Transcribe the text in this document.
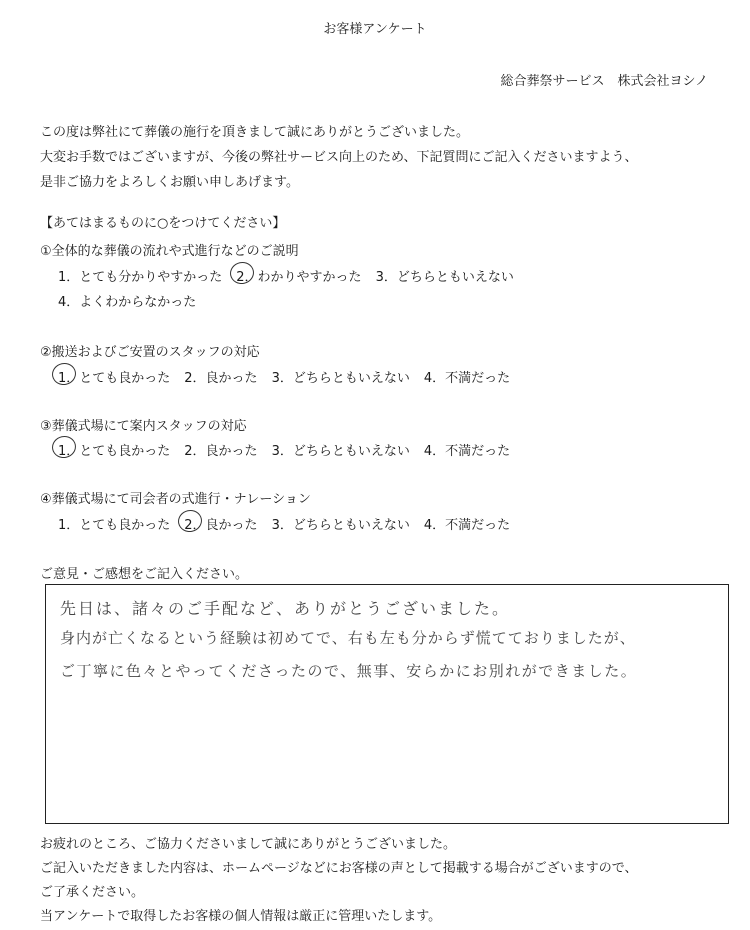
お客様アンケート
総合葬祭サービス　株式会社ヨシノ
この度は弊社にて葬儀の施行を頂きまして誠にありがとうございました。
大変お手数ではございますが、今後の弊社サービス向上のため、下記質問にご記入くださいますよう、
是非ご協力をよろしくお願い申しあげます。
【あてはまるものに○をつけてください】
①全体的な葬儀の流れや式進行などのご説明
1．とても分かりやすかった 2．わかりやすかった 3．どちらともいえない
4．よくわからなかった
②搬送およびご安置のスタッフの対応
1．とても良かった 2．良かった 3．どちらともいえない 4．不満だった
③葬儀式場にて案内スタッフの対応
1．とても良かった 2．良かった 3．どちらともいえない 4．不満だった
④葬儀式場にて司会者の式進行・ナレーション
1．とても良かった 2．良かった 3．どちらともいえない 4．不満だった
ご意見・ご感想をご記入ください。
先日は、諸々のご手配など、ありがとうございました。
身内が亡くなるという経験は初めてで、右も左も分からず慌てておりましたが、
ご丁寧に色々とやってくださったので、無事、安らかにお別れができました。
お疲れのところ、ご協力くださいまして誠にありがとうございました。
ご記入いただきました内容は、ホームページなどにお客様の声として掲載する場合がございますので、
ご了承ください。
当アンケートで取得したお客様の個人情報は厳正に管理いたします。
